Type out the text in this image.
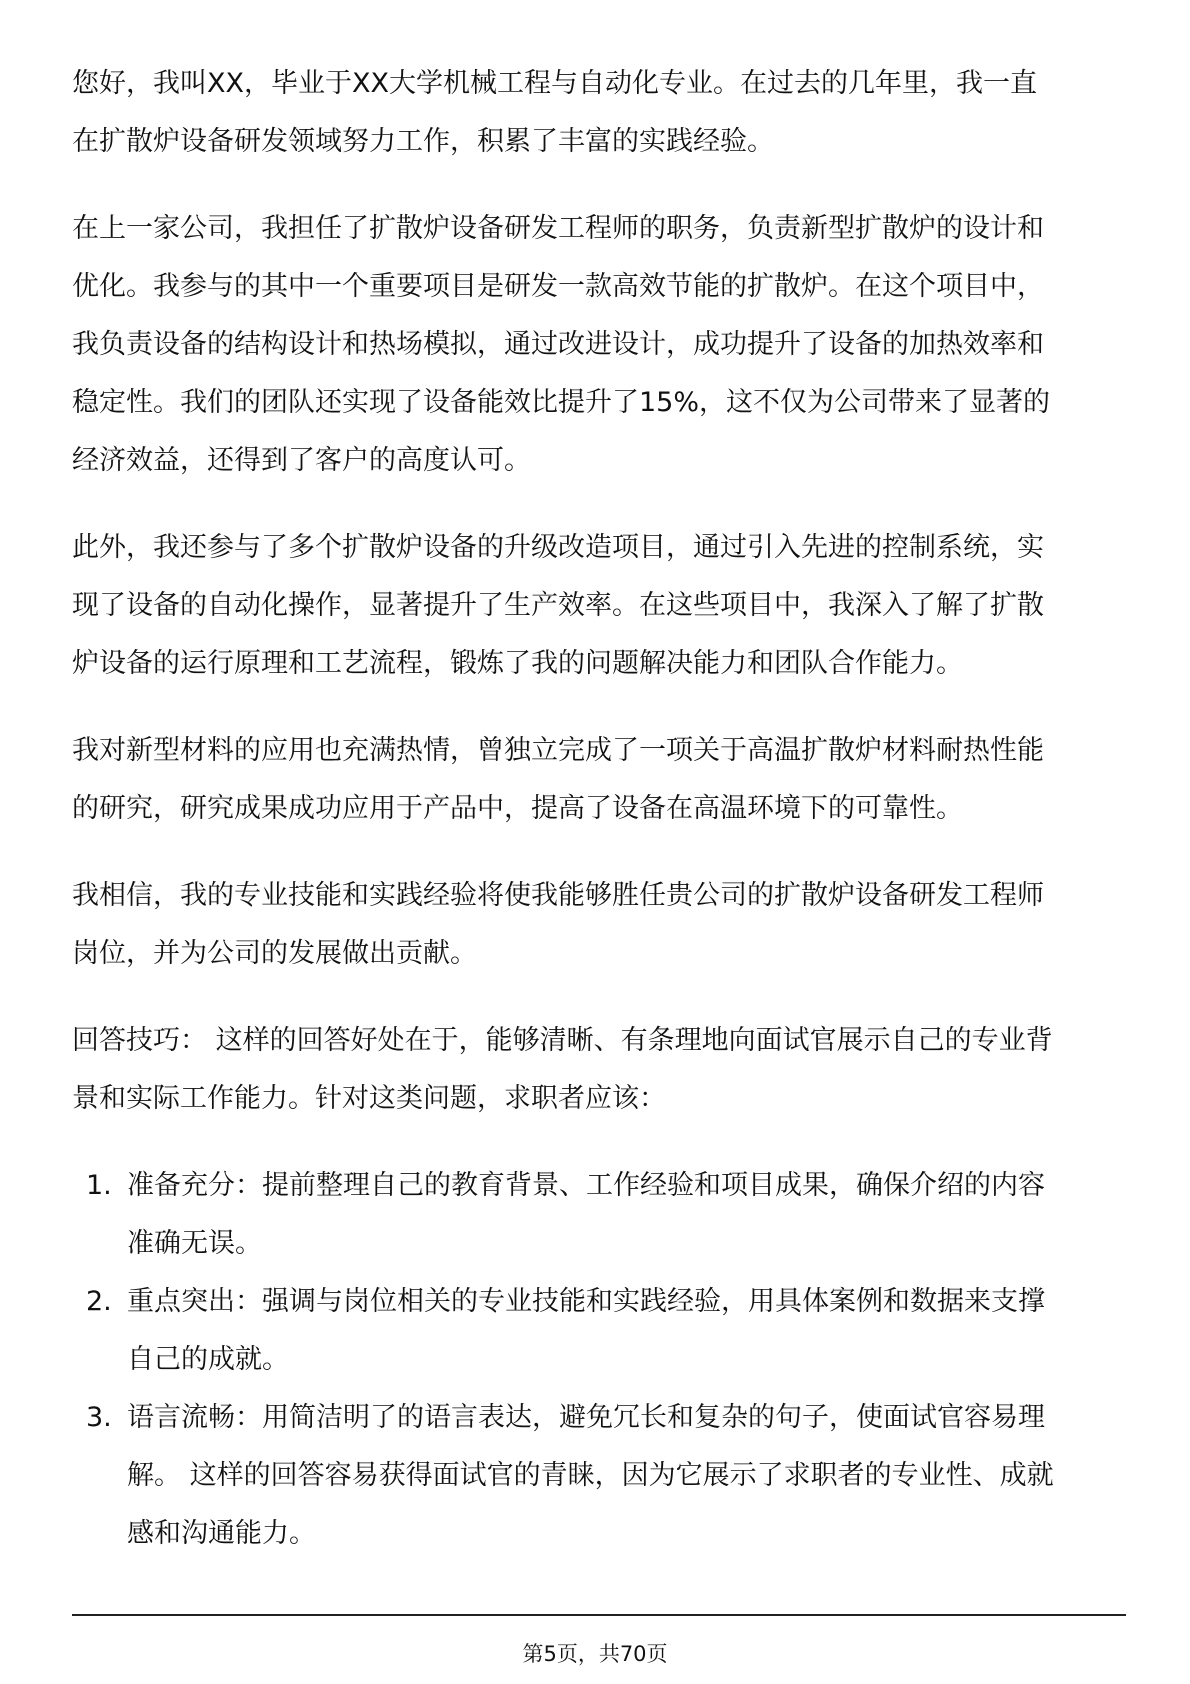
您好，我叫XX，毕业于XX大学机械工程与自动化专业。在过去的几年里，我一直
在扩散炉设备研发领域努力工作，积累了丰富的实践经验。

在上一家公司，我担任了扩散炉设备研发工程师的职务，负责新型扩散炉的设计和
优化。我参与的其中一个重要项目是研发一款高效节能的扩散炉。在这个项目中，
我负责设备的结构设计和热场模拟，通过改进设计，成功提升了设备的加热效率和
稳定性。我们的团队还实现了设备能效比提升了15%，这不仅为公司带来了显著的
经济效益，还得到了客户的高度认可。

此外，我还参与了多个扩散炉设备的升级改造项目，通过引入先进的控制系统，实
现了设备的自动化操作，显著提升了生产效率。在这些项目中，我深入了解了扩散
炉设备的运行原理和工艺流程，锻炼了我的问题解决能力和团队合作能力。

我对新型材料的应用也充满热情，曾独立完成了一项关于高温扩散炉材料耐热性能
的研究，研究成果成功应用于产品中，提高了设备在高温环境下的可靠性。

我相信，我的专业技能和实践经验将使我能够胜任贵公司的扩散炉设备研发工程师
岗位，并为公司的发展做出贡献。

回答技巧： 这样的回答好处在于，能够清晰、有条理地向面试官展示自己的专业背
景和实际工作能力。针对这类问题，求职者应该：

1. 准备充分：提前整理自己的教育背景、工作经验和项目成果，确保介绍的内容
准确无误。
2. 重点突出：强调与岗位相关的专业技能和实践经验，用具体案例和数据来支撑
自己的成就。
3. 语言流畅：用简洁明了的语言表达，避免冗长和复杂的句子，使面试官容易理
解。 这样的回答容易获得面试官的青睐，因为它展示了求职者的专业性、成就
感和沟通能力。
第5页，共70页
